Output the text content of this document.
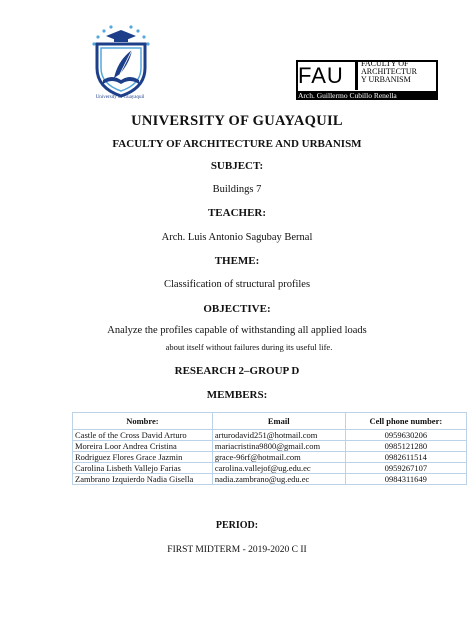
University of Guayaquil
FAU	FACULTY OF
ARCHITECTUR
Y URBANISM
Arch. Guillermo Cubillo Renella
UNIVERSITY OF GUAYAQUIL
FACULTY OF ARCHITECTURE AND URBANISM
SUBJECT:
Buildings 7
TEACHER:
Arch. Luis Antonio Sagubay Bernal
THEME:
Classification of structural profiles
OBJECTIVE:
Analyze the profiles capable of withstanding all applied loads
about itself without failures during its useful life.
RESEARCH 2–GROUP D
MEMBERS:
Nombre:	Email	Cell phone number:
Castle of the Cross David Arturo	arturodavid251@hotmail.com	0959630206
Moreira Loor Andrea Cristina	mariacristina9800@gmail.com	0985121280
Rodriguez Flores Grace Jazmin	grace-96rf@hotmail.com	0982611514
Carolina Lisbeth Vallejo Farias	carolina.vallejof@ug.edu.ec	0959267107
Zambrano Izquierdo Nadia Gisella	nadia.zambrano@ug.edu.ec	0984311649
PERIOD:
FIRST MIDTERM - 2019-2020 C II
